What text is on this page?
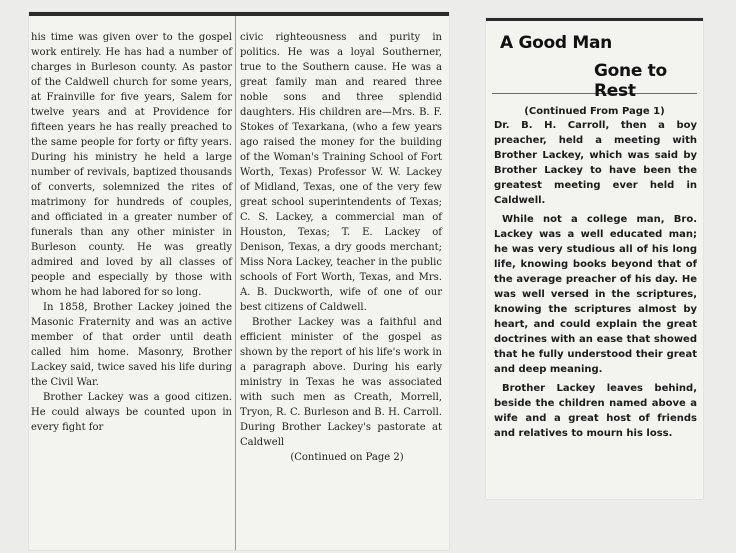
his time was given over to the gospel work entirely. He has had a number of charges in Burleson county. As pastor of the Caldwell church for some years, at Frainville for five years, Salem for twelve years and at Providence for fifteen years he has really preached to the same people for forty or fifty years. During his ministry he held a large number of revivals, baptized thousands of converts, solemnized the rites of matrimony for hundreds of couples, and officiated in a greater number of funerals than any other minister in Burleson county. He was greatly admired and loved by all classes of people and especially by those with whom he had labored for so long.

In 1858, Brother Lackey joined the Masonic Fraternity and was an active member of that order until death called him home. Masonry, Brother Lackey said, twice saved his life during the Civil War.

Brother Lackey was a good citizen. He could always be counted upon in every fight for

civic righteousness and purity in politics. He was a loyal Southerner, true to the Southern cause. He was a great family man and reared three noble sons and three splendid daughters. His children are—Mrs. B. F. Stokes of Texarkana, (who a few years ago raised the money for the building of the Woman's Training School of Fort Worth, Texas) Professor W. W. Lackey of Midland, Texas, one of the very few great school superintendents of Texas; C. S. Lackey, a commercial man of Houston, Texas; T. E. Lackey of Denison, Texas, a dry goods merchant; Miss Nora Lackey, teacher in the public schools of Fort Worth, Texas, and Mrs. A. B. Duckworth, wife of one of our best citizens of Caldwell.

Brother Lackey was a faithful and efficient minister of the gospel as shown by the report of his life's work in a paragraph above. During his early ministry in Texas he was associated with such men as Creath, Morrell, Tryon, R. C. Burleson and B. H. Carroll. During Brother Lackey's pastorate at Caldwell

(Continued on Page 2)

A Good Man
Gone to Rest
(Continued From Page 1)

Dr. B. H. Carroll, then a boy preacher, held a meeting with Brother Lackey, which was said by Brother Lackey to have been the greatest meeting ever held in Caldwell.

While not a college man, Bro. Lackey was a well educated man; he was very studious all of his long life, knowing books beyond that of the average preacher of his day. He was well versed in the scriptures, knowing the scriptures almost by heart, and could explain the great doctrines with an ease that showed that he fully understood their great and deep meaning.

Brother Lackey leaves behind, beside the children named above a wife and a great host of friends and relatives to mourn his loss.
